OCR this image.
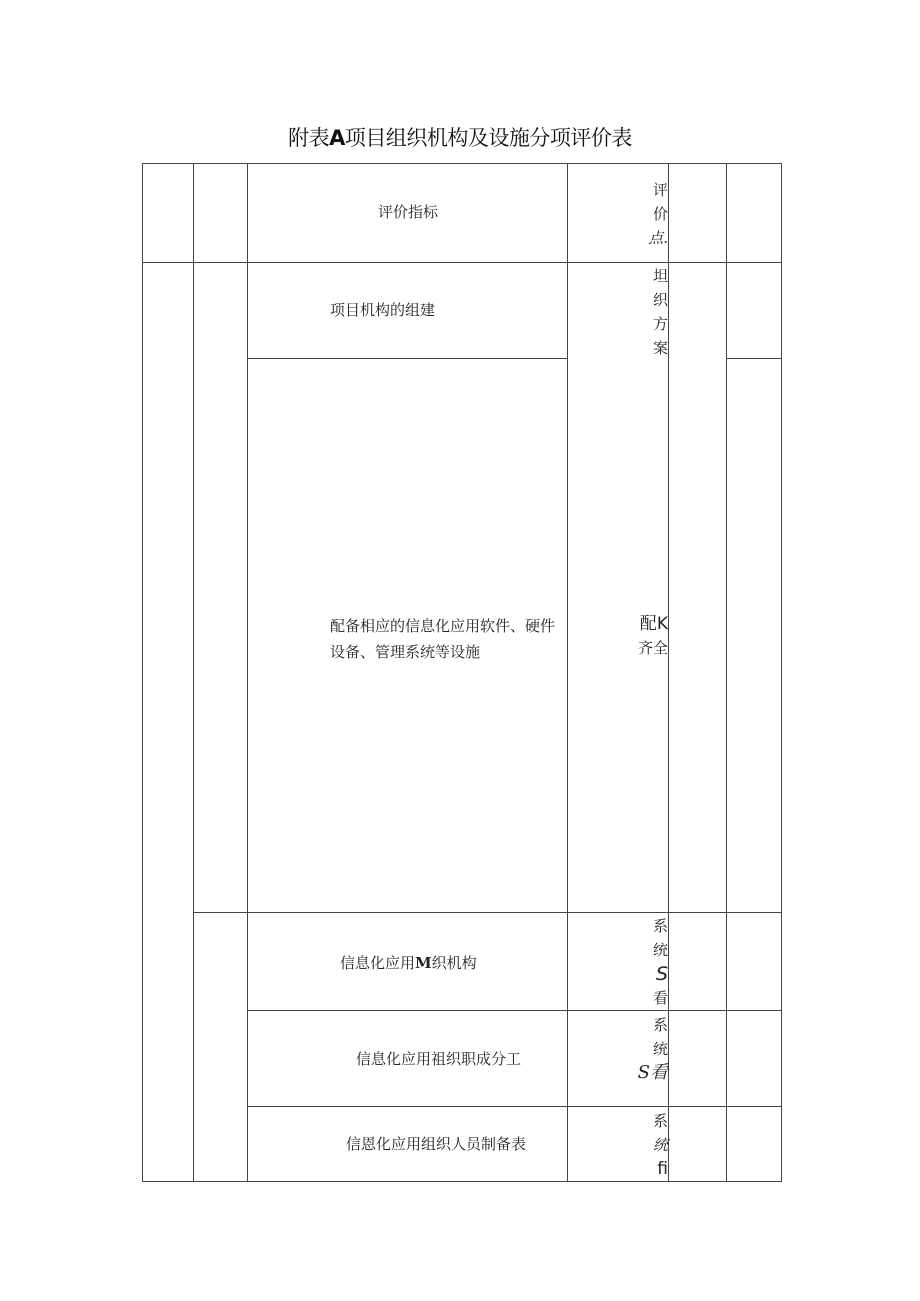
附表A项目组织机构及设施分项评价表
评价指标
评
价
点.
项目机构的组建
坦
织
方
案
配备相应的信息化应用软件、硬件
设备、管理系统等设施
配K
齐全
信息化应用M织机构
系
统
S
看
信息化应用祖织职成分工
系
统
S看
信恩化应用组织人员制备表
系
统
fi
